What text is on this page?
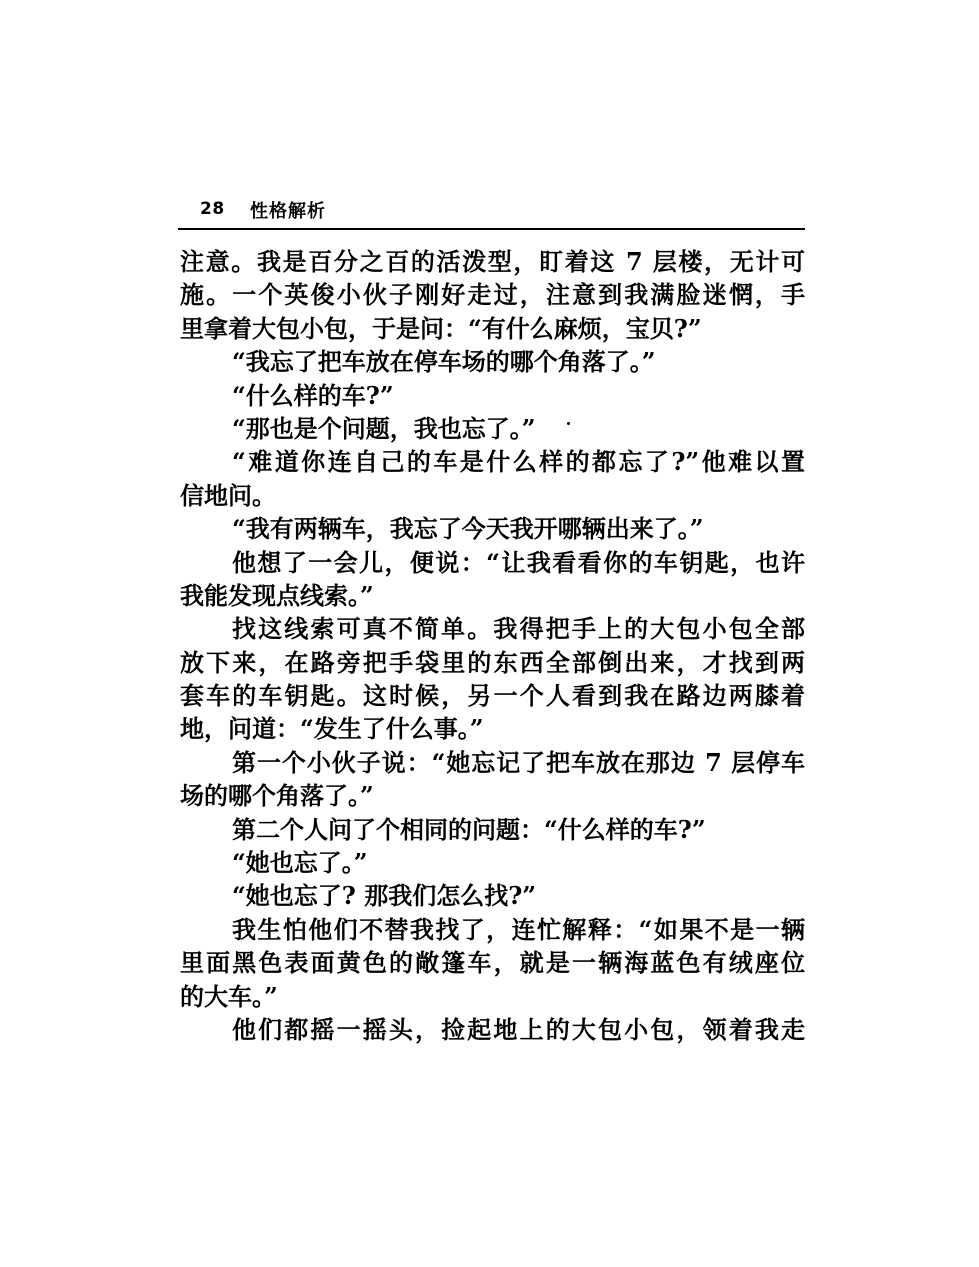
28 性格解析
注意。我是百分之百的活泼型，盯着这 7 层楼，无计可
施。一个英俊小伙子刚好走过，注意到我满脸迷惘，手
里拿着大包小包，于是问：“有什么麻烦，宝贝?”
“我忘了把车放在停车场的哪个角落了。”
“什么样的车?”
“那也是个问题，我也忘了。”
“难道你连自己的车是什么样的都忘了?”他难以置
信地问。
“我有两辆车，我忘了今天我开哪辆出来了。”
他想了一会儿，便说：“让我看看你的车钥匙，也许
我能发现点线索。”
找这线索可真不简单。我得把手上的大包小包全部
放下来，在路旁把手袋里的东西全部倒出来，才找到两
套车的车钥匙。这时候，另一个人看到我在路边两膝着
地，问道：“发生了什么事。”
第一个小伙子说：“她忘记了把车放在那边 7 层停车
场的哪个角落了。”
第二个人问了个相同的问题：“什么样的车?”
“她也忘了。”
“她也忘了? 那我们怎么找?”
我生怕他们不替我找了，连忙解释：“如果不是一辆
里面黑色表面黄色的敞篷车，就是一辆海蓝色有绒座位
的大车。”
他们都摇一摇头，捡起地上的大包小包，领着我走
